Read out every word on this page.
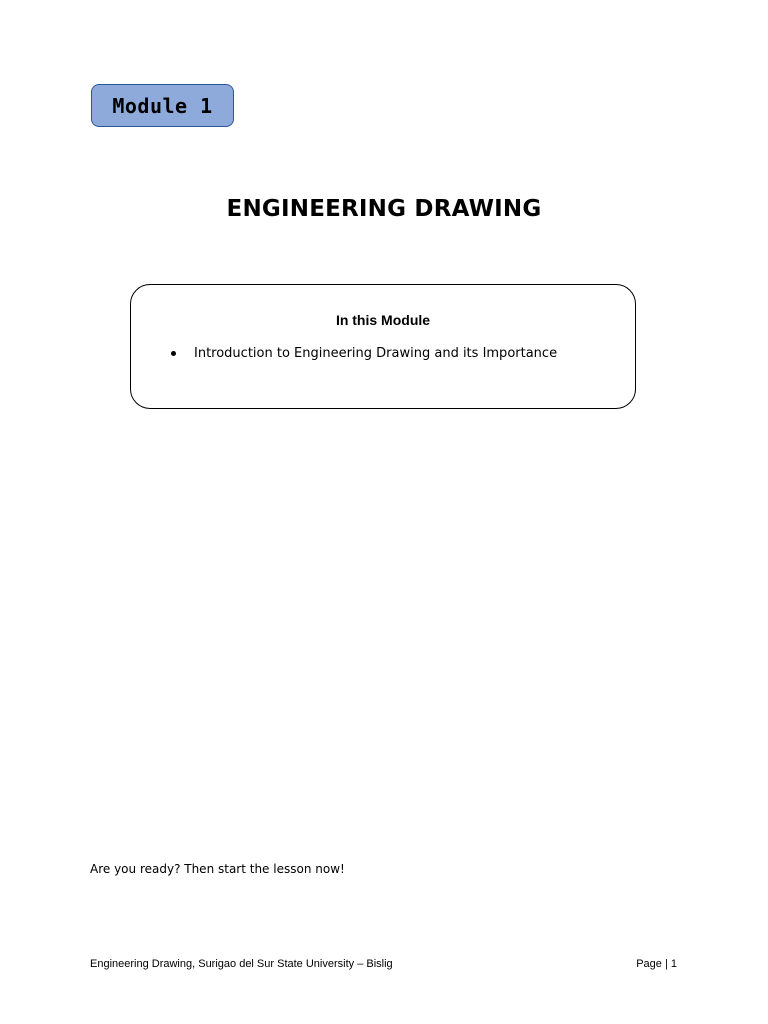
Module 1
ENGINEERING DRAWING

In this Module

Introduction to Engineering Drawing and its Importance

Are you ready? Then start the lesson now!

Engineering Drawing, Surigao del Sur State University – Bislig	Page | 1
